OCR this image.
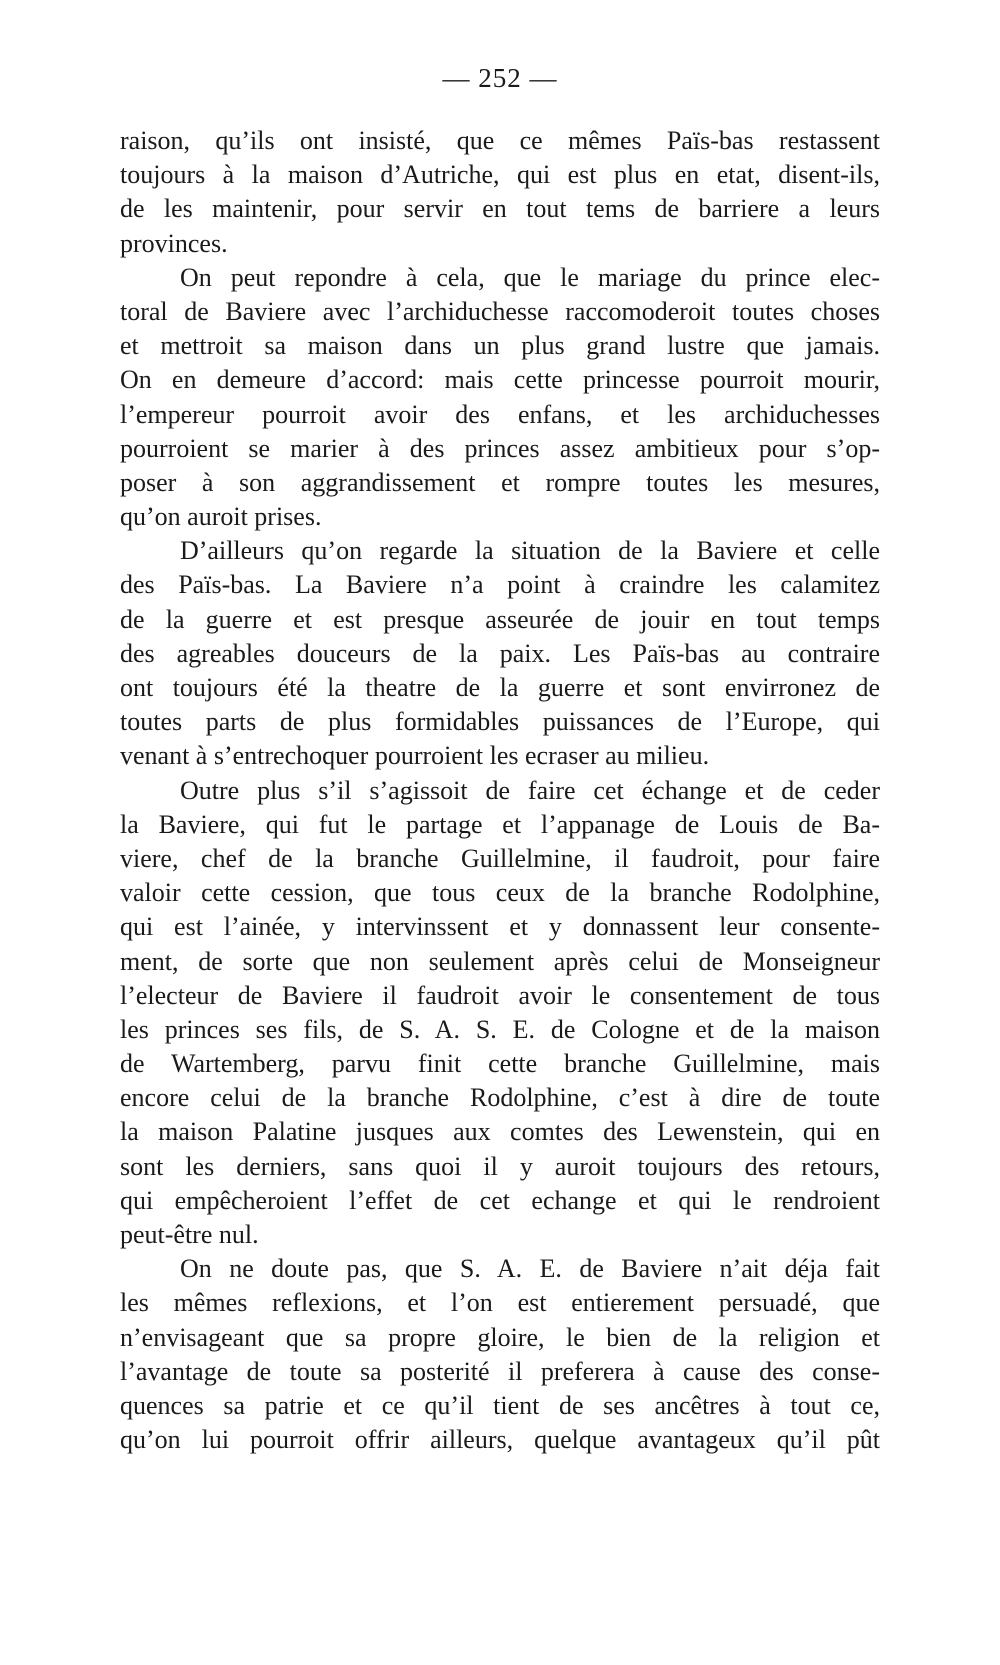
— 252 —
raison, qu’ils ont insisté, que ce mêmes Païs-bas restassent
toujours à la maison d’Autriche, qui est plus en etat, disent-ils,
de les maintenir, pour servir en tout tems de barriere a leurs
provinces.
On peut repondre à cela, que le mariage du prince elec-
toral de Baviere avec l’archiduchesse raccomoderoit toutes choses
et mettroit sa maison dans un plus grand lustre que jamais.
On en demeure d’accord: mais cette princesse pourroit mourir,
l’empereur pourroit avoir des enfans, et les archiduchesses
pourroient se marier à des princes assez ambitieux pour s’op-
poser à son aggrandissement et rompre toutes les mesures,
qu’on auroit prises.
D’ailleurs qu’on regarde la situation de la Baviere et celle
des Païs-bas. La Baviere n’a point à craindre les calamitez
de la guerre et est presque asseurée de jouir en tout temps
des agreables douceurs de la paix. Les Païs-bas au contraire
ont toujours été la theatre de la guerre et sont envirronez de
toutes parts de plus formidables puissances de l’Europe, qui
venant à s’entrechoquer pourroient les ecraser au milieu.
Outre plus s’il s’agissoit de faire cet échange et de ceder
la Baviere, qui fut le partage et l’appanage de Louis de Ba-
viere, chef de la branche Guillelmine, il faudroit, pour faire
valoir cette cession, que tous ceux de la branche Rodolphine,
qui est l’ainée, y intervinssent et y donnassent leur consente-
ment, de sorte que non seulement après celui de Monseigneur
l’electeur de Baviere il faudroit avoir le consentement de tous
les princes ses fils, de S. A. S. E. de Cologne et de la maison
de Wartemberg, parvu finit cette branche Guillelmine, mais
encore celui de la branche Rodolphine, c’est à dire de toute
la maison Palatine jusques aux comtes des Lewenstein, qui en
sont les derniers, sans quoi il y auroit toujours des retours,
qui empêcheroient l’effet de cet echange et qui le rendroient
peut-être nul.
On ne doute pas, que S. A. E. de Baviere n’ait déja fait
les mêmes reflexions, et l’on est entierement persuadé, que
n’envisageant que sa propre gloire, le bien de la religion et
l’avantage de toute sa posterité il preferera à cause des conse-
quences sa patrie et ce qu’il tient de ses ancêtres à tout ce,
qu’on lui pourroit offrir ailleurs, quelque avantageux qu’il pût
